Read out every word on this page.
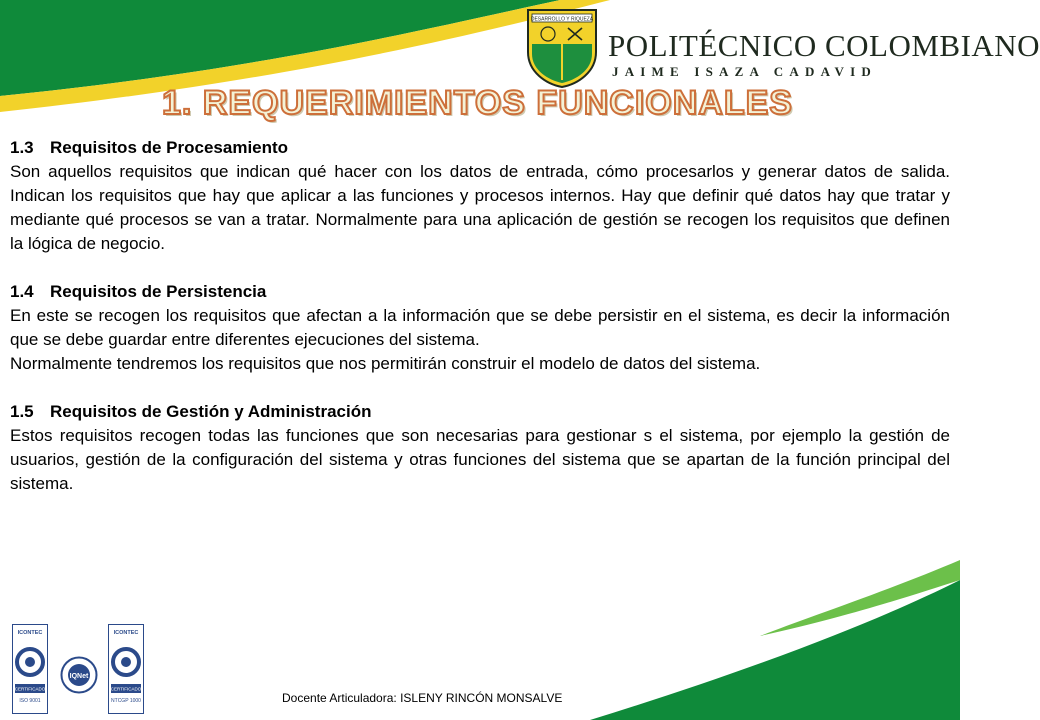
DESARROLLO Y RIQUEZA
POLITÉCNICO COLOMBIANO
JAIME ISAZA CADAVID
1. REQUERIMIENTOS FUNCIONALES
1.3 Requisitos de Procesamiento

Son aquellos requisitos que indican qué hacer con los datos de entrada, cómo procesarlos y generar datos de salida. Indican los requisitos que hay que aplicar a las funciones y procesos internos. Hay que definir qué datos hay que tratar y mediante qué procesos se van a tratar. Normalmente para una aplicación de gestión se recogen los requisitos que definen la lógica de negocio.

1.4 Requisitos de Persistencia

En este se recogen los requisitos que afectan a la información que se debe persistir en el sistema, es decir la información que se debe guardar entre diferentes ejecuciones del sistema.

Normalmente tendremos los requisitos que nos permitirán construir el modelo de datos del sistema.

1.5 Requisitos de Gestión y Administración

Estos requisitos recogen todas las funciones que son necesarias para gestionar s el sistema, por ejemplo la gestión de usuarios, gestión de la configuración del sistema y otras funciones del sistema que se apartan de la función principal del sistema.

ICONTEC
CERTIFICADO
ISO 9001
IQNet
ICONTEC
CERTIFICADO
NTCGP 1000	Docente Articuladora: ISLENY RINCÓN MONSALVE
